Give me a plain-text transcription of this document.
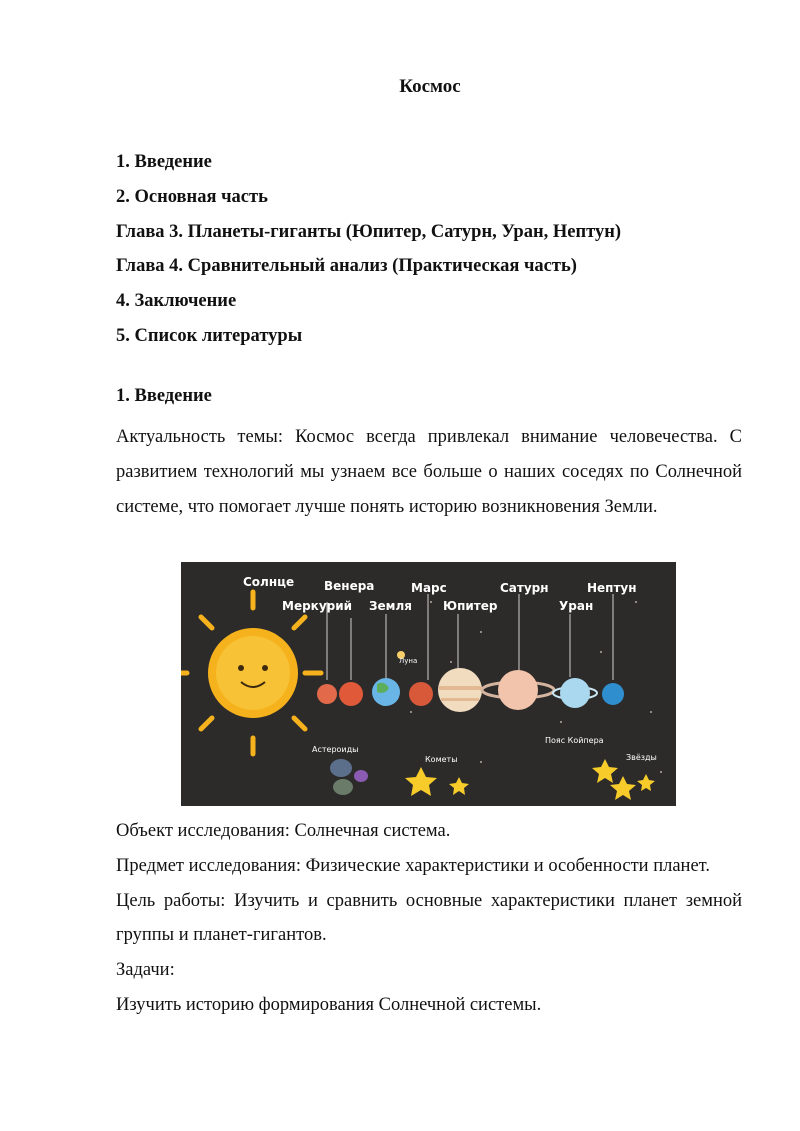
Космос
1. Введение
2. Основная часть
Глава 3. Планеты-гиганты (Юпитер, Сатурн, Уран, Нептун)
Глава 4. Сравнительный анализ (Практическая часть)
4. Заключение
5. Список литературы
1. Введение
Актуальность темы: Космос всегда привлекал внимание человечества. С развитием технологий мы узнаем все больше о наших соседях по Солнечной системе, что помогает лучше понять историю возникновения Земли.
Солнце
Меркурий
Венера
Земля
Луна
Марс
Юпитер
Сатурн
Уран
Нептун
Астероиды
Кометы
Пояс Койпера
Звёзды
Объект исследования: Солнечная система.
Предмет исследования: Физические характеристики и особенности планет.
Цель работы: Изучить и сравнить основные характеристики планет земной группы и планет-гигантов.
Задачи:
Изучить историю формирования Солнечной системы.
